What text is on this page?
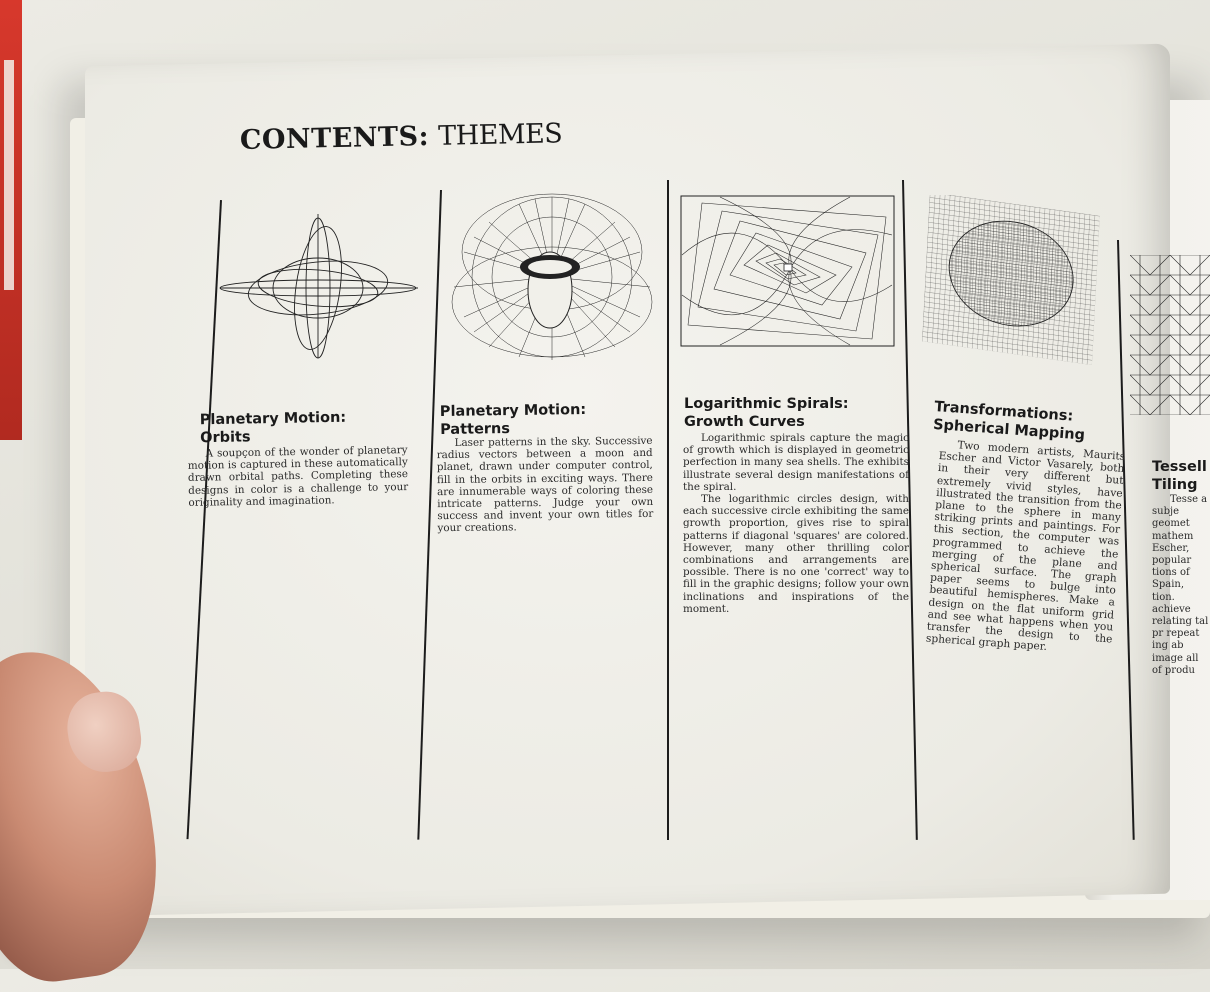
CONTENTS: THEMES
Planetary Motion:
Orbits

A soupçon of the wonder of planetary motion is captured in these automatically drawn orbital paths. Completing these designs in color is a challenge to your originality and imagination.

Planetary Motion:
Patterns

Laser patterns in the sky. Successive radius vectors between a moon and planet, drawn under computer control, fill in the orbits in exciting ways. There are innumerable ways of coloring these intricate patterns. Judge your own success and invent your own titles for your creations.

Logarithmic Spirals:
Growth Curves

Logarithmic spirals capture the magic of growth which is displayed in geometric perfection in many sea shells. The exhibits illustrate several design manifestations of the spiral.

The logarithmic circles design, with each successive circle exhibiting the same growth proportion, gives rise to spiral patterns if diagonal 'squares' are colored. However, many other thrilling color combinations and arrangements are possible. There is no one 'correct' way to fill in the graphic designs; follow your own inclinations and inspirations of the moment.

Transformations:
Spherical Mapping

Two modern artists, Maurits Escher and Victor Vasarely, both in their very different but extremely vivid styles, have illustrated the transition from the plane to the sphere in many striking prints and paintings. For this section, the computer was programmed to achieve the merging of the plane and spherical surface. The graph paper seems to bulge into beautiful hemispheres. Make a design on the flat uniform grid and see what happens when you transfer the design to the spherical graph paper.

Tessell
Tiling

Tesse a subje geomet mathem Escher, popular tions of Spain, tion. achieve relating tal pr repeat ing ab image all of produ
